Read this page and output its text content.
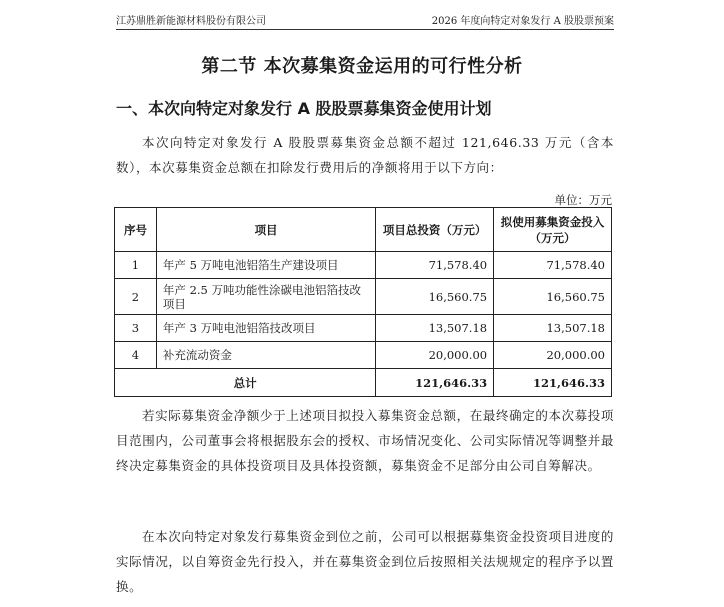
江苏鼎胜新能源材料股份有限公司	2026 年度向特定对象发行 A 股股票预案
第二节 本次募集资金运用的可行性分析
一、本次向特定对象发行 A 股股票募集资金使用计划

本次向特定对象发行 A 股股票募集资金总额不超过 121,646.33 万元（含本数），本次募集资金总额在扣除发行费用后的净额将用于以下方向：

单位：万元
序号	项目	项目总投资（万元）	拟使用募集资金投入（万元）
1	年产 5 万吨电池铝箔生产建设项目	71,578.40	71,578.40
2	年产 2.5 万吨功能性涂碳电池铝箔技改项目	16,560.75	16,560.75
3	年产 3 万吨电池铝箔技改项目	13,507.18	13,507.18
4	补充流动资金	20,000.00	20,000.00
总计		121,646.33	121,646.33

若实际募集资金净额少于上述项目拟投入募集资金总额，在最终确定的本次募投项目范围内，公司董事会将根据股东会的授权、市场情况变化、公司实际情况等调整并最终决定募集资金的具体投资项目及具体投资额，募集资金不足部分由公司自筹解决。

在本次向特定对象发行募集资金到位之前，公司可以根据募集资金投资项目进度的实际情况，以自筹资金先行投入，并在募集资金到位后按照相关法规规定的程序予以置换。
